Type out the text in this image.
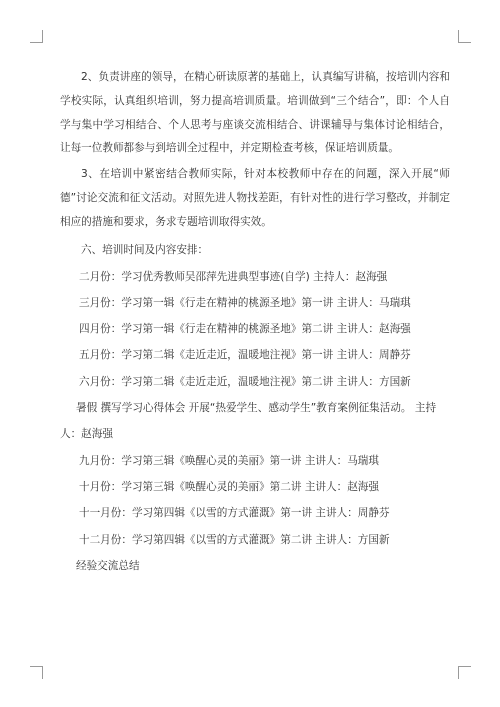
2、负责讲座的领导，在精心研读原著的基础上，认真编写讲稿，按培训内容和学校实际，认真组织培训，努力提高培训质量。培训做到“三个结合”，即：个人自学与集中学习相结合、个人思考与座谈交流相结合、讲课辅导与集体讨论相结合，让每一位教师都参与到培训全过程中，并定期检查考核，保证培训质量。

3、在培训中紧密结合教师实际，针对本校教师中存在的问题，深入开展“师德”讨论交流和征文活动。对照先进人物找差距，有针对性的进行学习整改，并制定相应的措施和要求，务求专题培训取得实效。

六、培训时间及内容安排：

二月份：学习优秀教师吴邵萍先进典型事迹(自学) 主持人：赵海强

三月份：学习第一辑《行走在精神的桃源圣地》第一讲 主讲人：马瑞琪

四月份：学习第一辑《行走在精神的桃源圣地》第二讲 主讲人：赵海强

五月份：学习第二辑《走近走近，温暖地注视》第一讲 主讲人：周静芬

六月份：学习第二辑《走近走近，温暖地注视》第二讲 主讲人：方国新

暑假 撰写学习心得体会 开展“热爱学生、感动学生”教育案例征集活动。 主持人：赵海强

九月份：学习第三辑《唤醒心灵的美丽》第一讲 主讲人：马瑞琪

十月份：学习第三辑《唤醒心灵的美丽》第二讲 主讲人：赵海强

十一月份：学习第四辑《以雪的方式灌溉》第一讲 主讲人：周静芬

十二月份：学习第四辑《以雪的方式灌溉》第二讲 主讲人：方国新

经验交流总结
